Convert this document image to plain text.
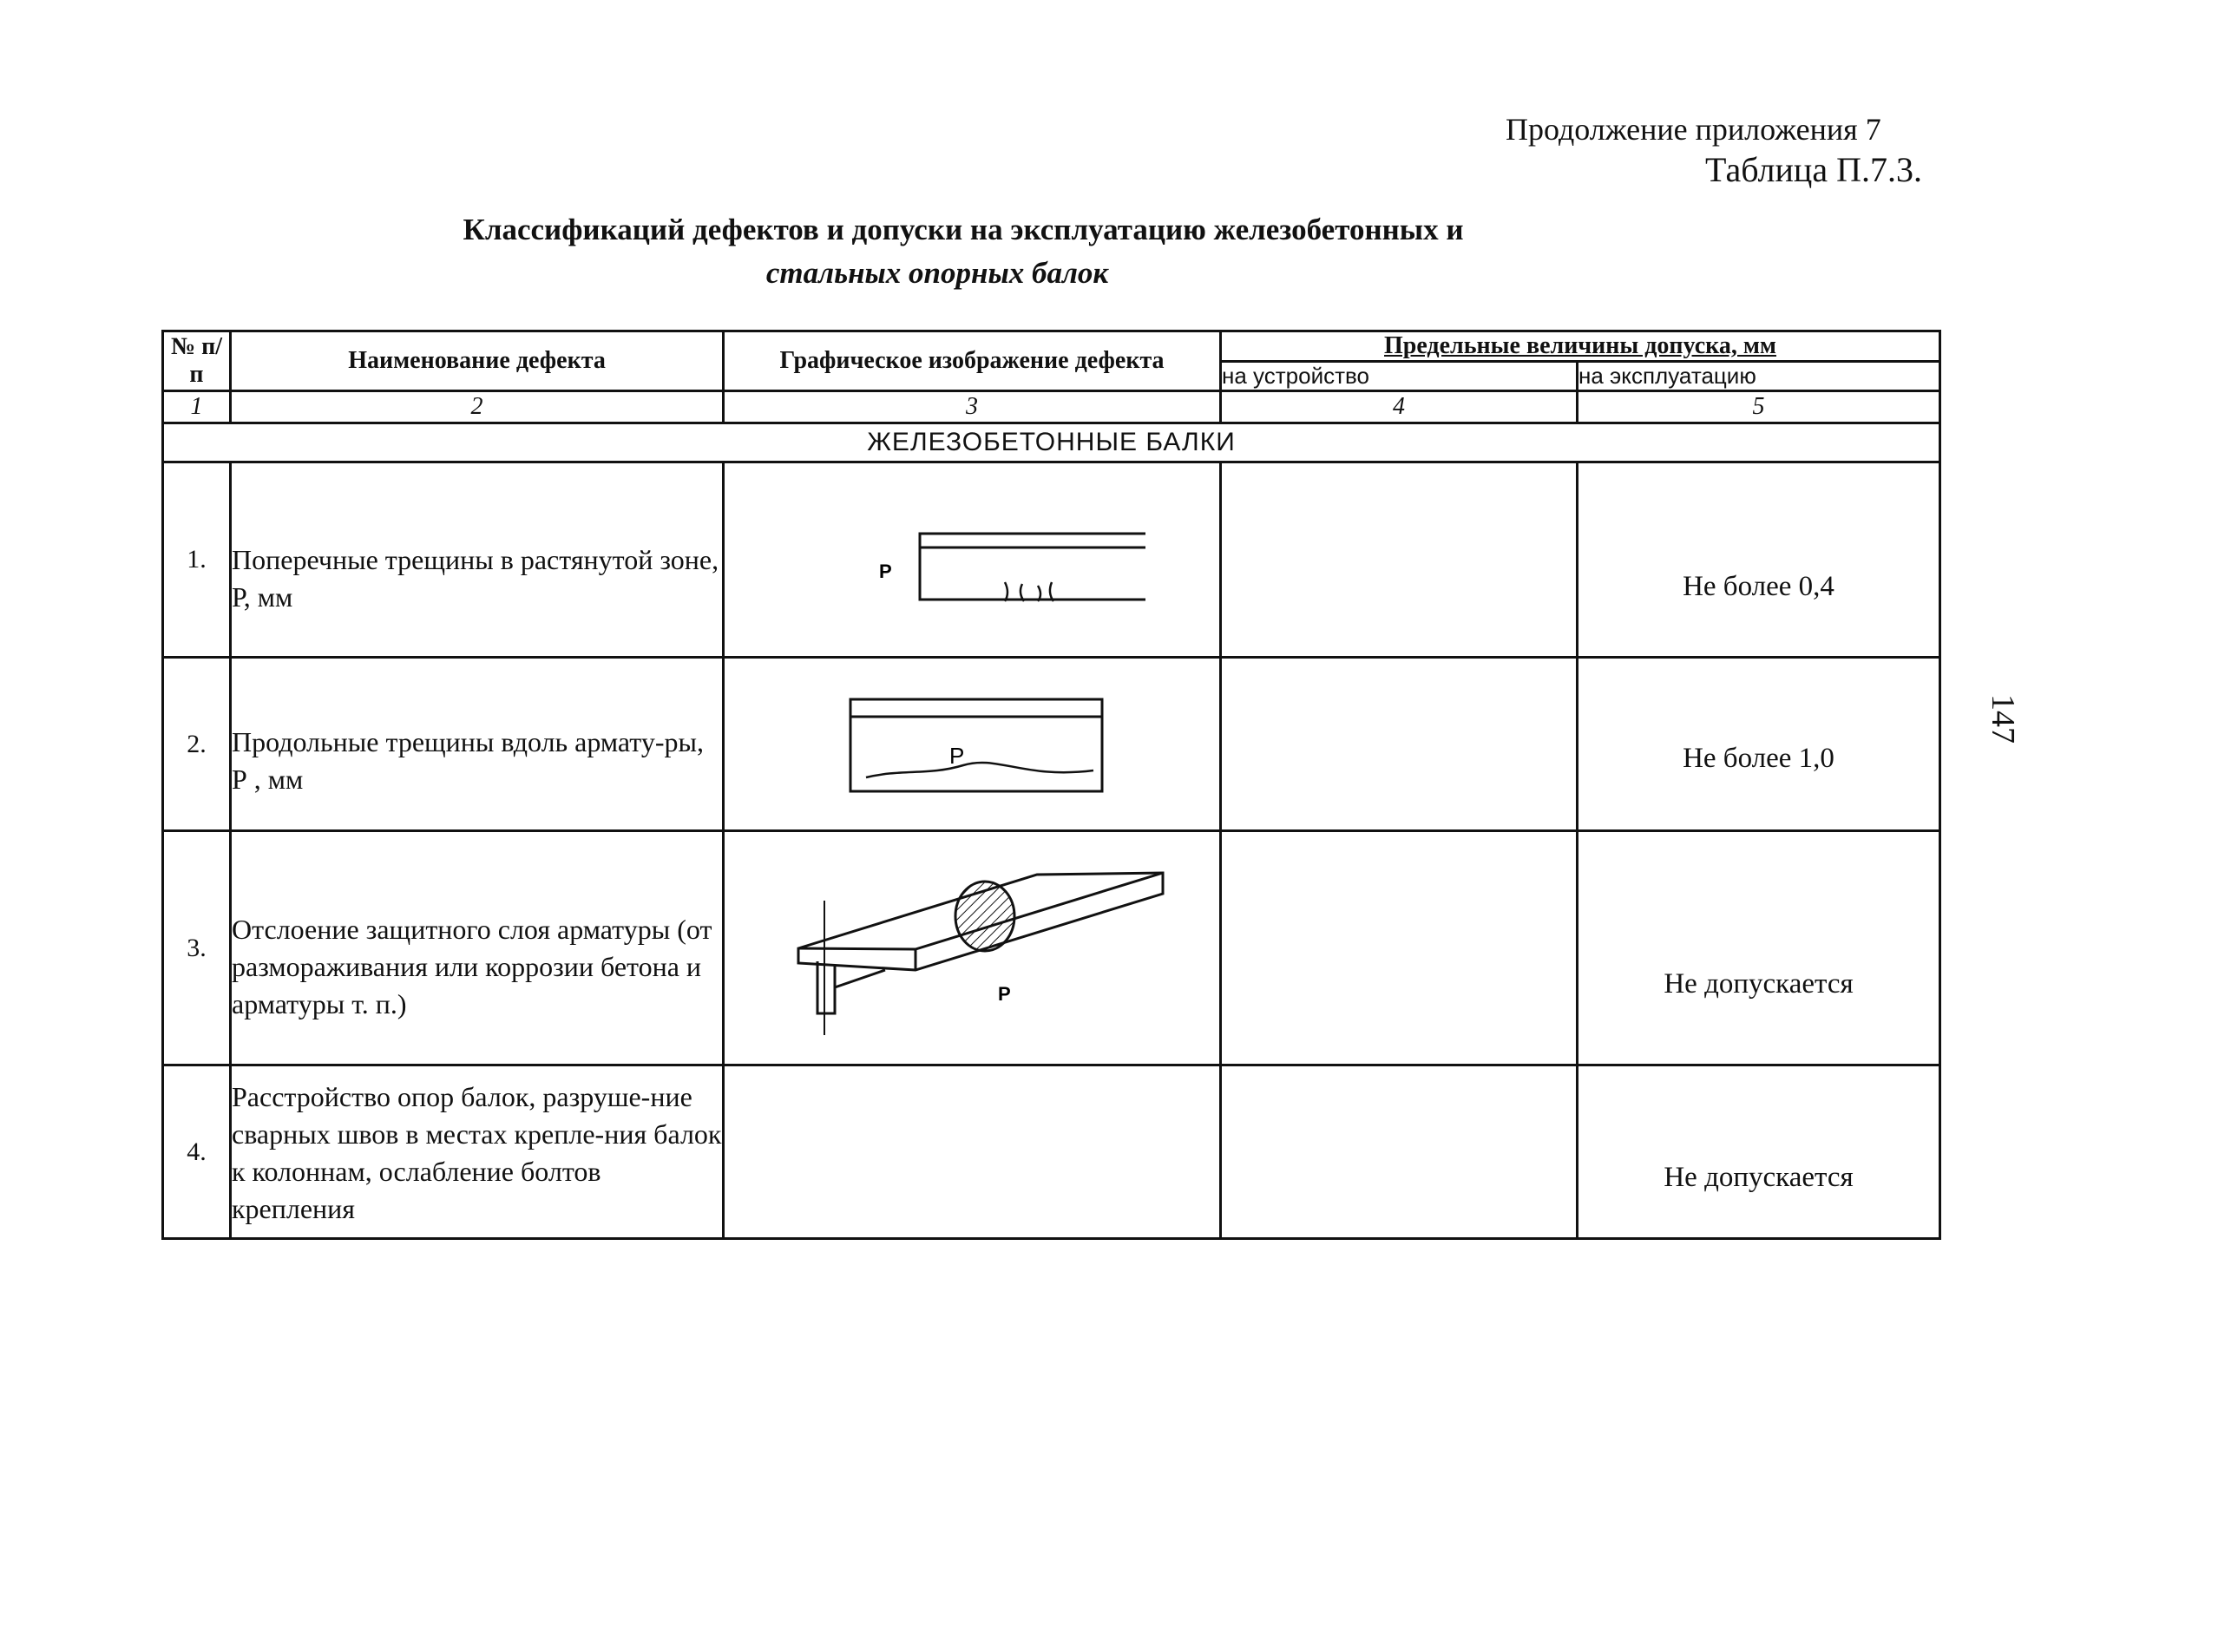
Продолжение приложения 7
Таблица П.7.3.
Классификаций дефектов и допуски на эксплуатацию железобетонных и
стальных опорных балок
147
№ п/п	Наименование дефекта	Графическое изображение дефекта	Предельные величины допуска, мм	
			на устройство	на эксплуатацию
1	2	3	4	5
ЖЕЛЕЗОБЕТОННЫЕ БАЛКИ				
1.	Поперечные трещины в растянутой зоне, Р, мм	P		Не более 0,4
2.	Продольные трещины вдоль армату-ры, Р , мм	P		Не более 1,0
3.	Отслоение защитного слоя арматуры (от размораживания или коррозии бетона и арматуры т. п.)	P		Не допускается
4.	Расстройство опор балок, разруше-ние сварных швов в местах крепле-ния балок к колоннам, ослабление болтов крепления			Не допускается
